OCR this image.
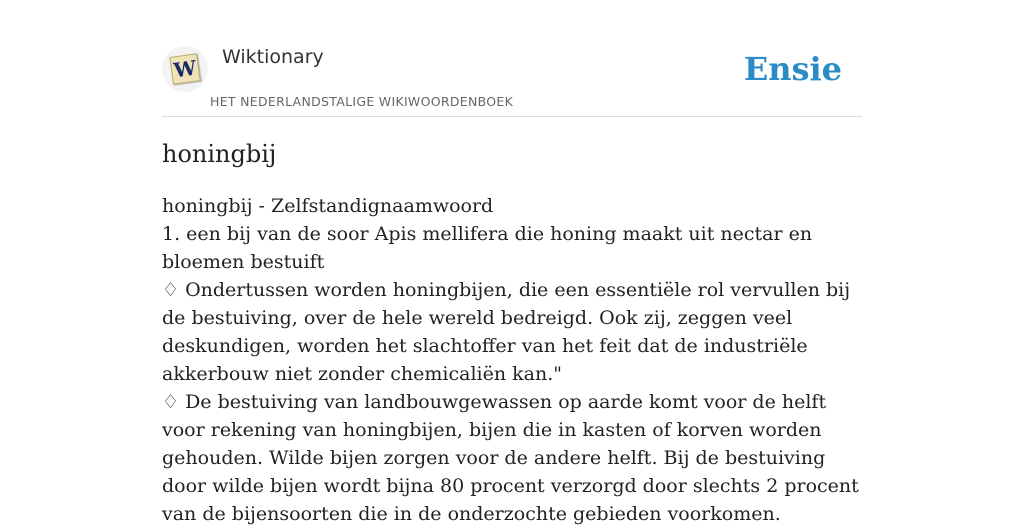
W Wiktionary
HET NEDERLANDSTALIGE WIKIWOORDENBOEK
Ensie
honingbij

honingbij - Zelfstandignaamwoord

1. een bij van de soor Apis mellifera die honing maakt uit nectar en bloemen bestuift

♢ Ondertussen worden honingbijen, die een essentiële rol vervullen bij de bestuiving, over de hele wereld bedreigd. Ook zij, zeggen veel deskundigen, worden het slachtoffer van het feit dat de industriële akkerbouw niet zonder chemicaliën kan."

♢ De bestuiving van landbouwgewassen op aarde komt voor de helft voor rekening van honingbijen, bijen die in kasten of korven worden gehouden. Wilde bijen zorgen voor de andere helft. Bij de bestuiving door wilde bijen wordt bijna 80 procent verzorgd door slechts 2 procent van de bijensoorten die in de onderzochte gebieden voorkomen.
